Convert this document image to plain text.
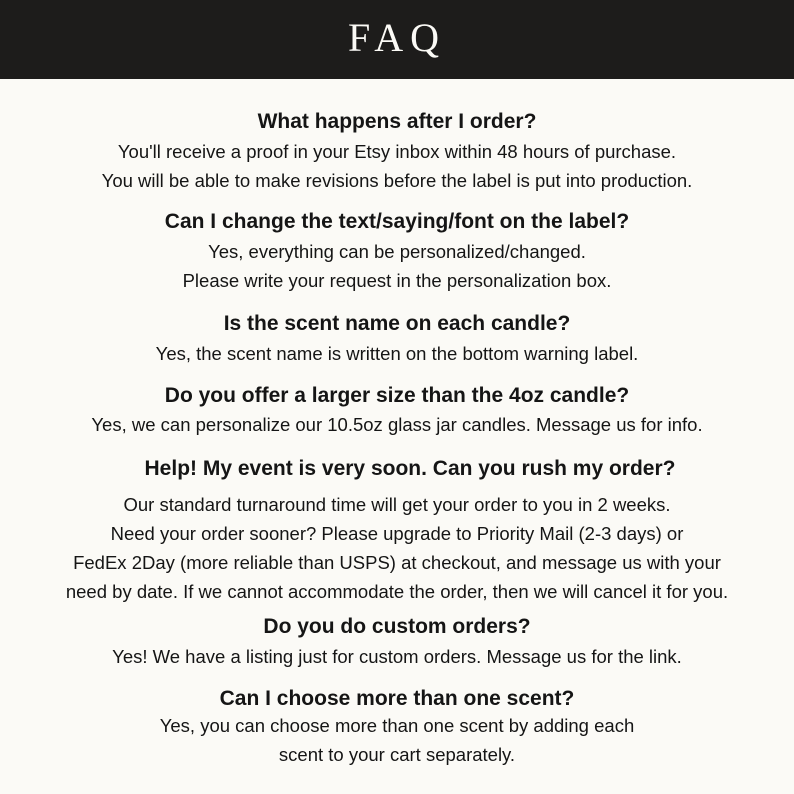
FAQ
What happens after I order?
You'll receive a proof in your Etsy inbox within 48 hours of purchase.
You will be able to make revisions before the label is put into production.
Can I change the text/saying/font on the label?
Yes, everything can be personalized/changed.
Please write your request in the personalization box.
Is the scent name on each candle?
Yes, the scent name is written on the bottom warning label.
Do you offer a larger size than the 4oz candle?
Yes, we can personalize our 10.5oz glass jar candles. Message us for info.
Help! My event is very soon. Can you rush my order?
Our standard turnaround time will get your order to you in 2 weeks.
Need your order sooner? Please upgrade to Priority Mail (2-3 days) or
FedEx 2Day (more reliable than USPS) at checkout, and message us with your
need by date. If we cannot accommodate the order, then we will cancel it for you.
Do you do custom orders?
Yes! We have a listing just for custom orders. Message us for the link.
Can I choose more than one scent?
Yes, you can choose more than one scent by adding each
scent to your cart separately.
